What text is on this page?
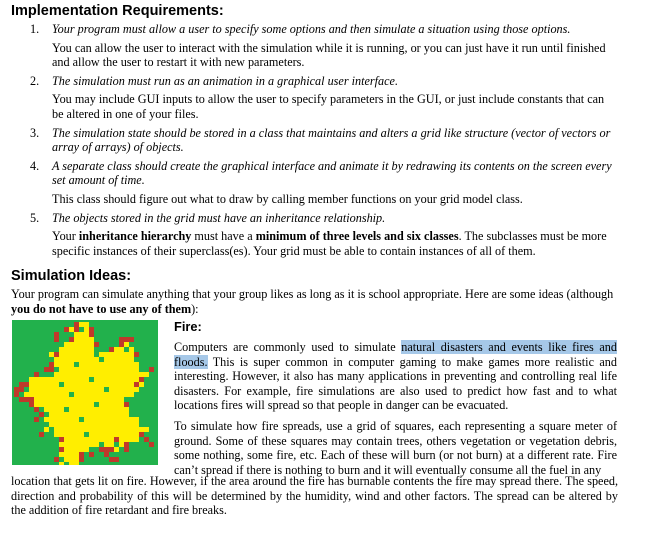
Implementation Requirements:
1. Your program must allow a user to specify some options and then simulate a situation using those options.
You can allow the user to interact with the simulation while it is running, or you can just have it run until finished and allow the user to restart it with new parameters.
2. The simulation must run as an animation in a graphical user interface.
You may include GUI inputs to allow the user to specify parameters in the GUI, or just include constants that can be altered in one of your files.
3. The simulation state should be stored in a class that maintains and alters a grid like structure (vector of vectors or array of arrays) of objects.
4. A separate class should create the graphical interface and animate it by redrawing its contents on the screen every set amount of time.
This class should figure out what to draw by calling member functions on your grid model class.
5. The objects stored in the grid must have an inheritance relationship.
Your inheritance hierarchy must have a minimum of three levels and six classes. The subclasses must be more specific instances of their superclass(es). Your grid must be able to contain instances of all of them.
Simulation Ideas:
Your program can simulate anything that your group likes as long as it is school appropriate. Here are some ideas (although you do not have to use any of them):
Fire:
Computers are commonly used to simulate natural disasters and events like fires and floods. This is super common in computer gaming to make games more realistic and interesting. However, it also has many applications in preventing and controlling real life disasters. For example, fire simulations are also used to predict how fast and to what locations fires will spread so that people in danger can be evacuated.
To simulate how fire spreads, use a grid of squares, each representing a square meter of ground. Some of these squares may contain trees, others vegetation or vegetation debris, some nothing, some fire, etc. Each of these will burn (or not burn) at a different rate. Fire can’t spread if there is nothing to burn and it will eventually consume all the fuel in any
location that gets lit on fire. However, if the area around the fire has burnable contents the fire may spread there. The speed, direction and probability of this will be determined by the humidity, wind and other factors. The spread can be altered by the addition of fire retardant and fire breaks.
